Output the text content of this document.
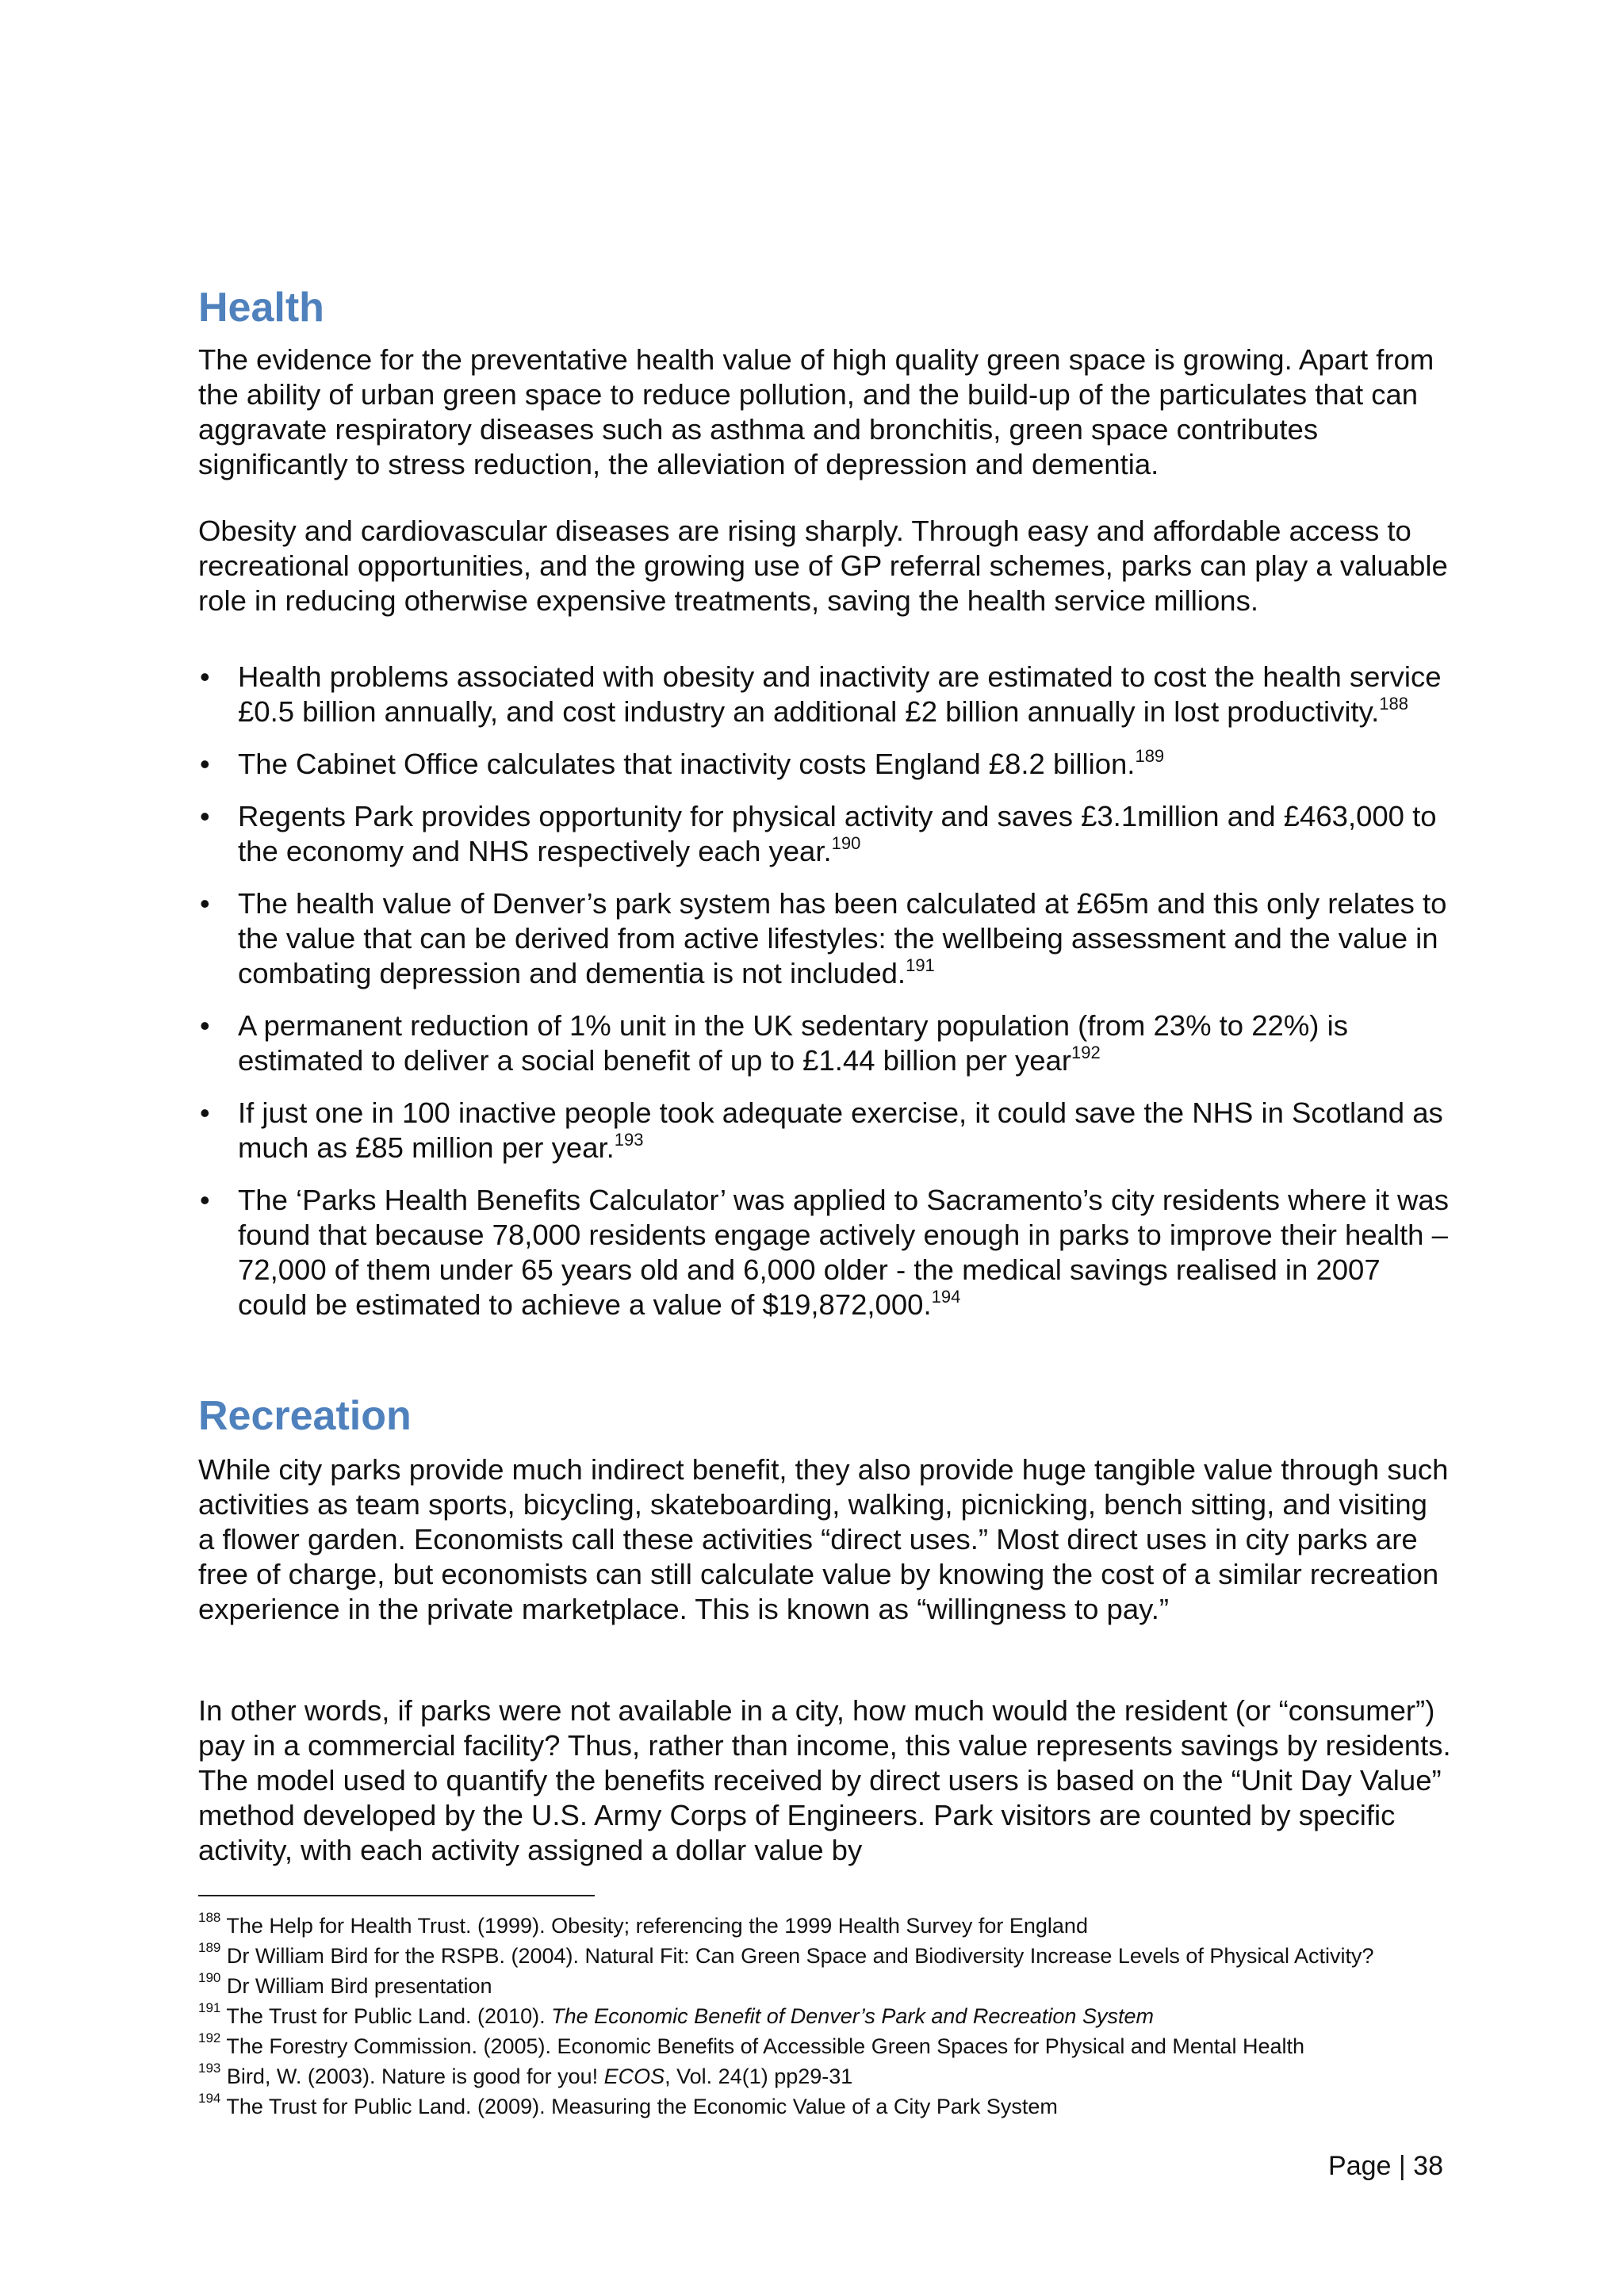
Health

The evidence for the preventative health value of high quality green space is growing. Apart from the ability of urban green space to reduce pollution, and the build-up of the particulates that can aggravate respiratory diseases such as asthma and bronchitis, green space contributes significantly to stress reduction, the alleviation of depression and dementia.

Obesity and cardiovascular diseases are rising sharply. Through easy and affordable access to recreational opportunities, and the growing use of GP referral schemes, parks can play a valuable role in reducing otherwise expensive treatments, saving the health service millions.

• Health problems associated with obesity and inactivity are estimated to cost the health service £0.5 billion annually, and cost industry an additional £2 billion annually in lost productivity.$^{188}$
• The Cabinet Office calculates that inactivity costs England £8.2 billion.$^{189}$
• Regents Park provides opportunity for physical activity and saves £3.1million and £463,000 to the economy and NHS respectively each year.$^{190}$
• The health value of Denver’s park system has been calculated at £65m and this only relates to the value that can be derived from active lifestyles: the wellbeing assessment and the value in combating depression and dementia is not included.$^{191}$
• A permanent reduction of 1% unit in the UK sedentary population (from 23% to 22%) is estimated to deliver a social benefit of up to £1.44 billion per year$^{192}$
• If just one in 100 inactive people took adequate exercise, it could save the NHS in Scotland as much as £85 million per year.$^{193}$
• The ‘Parks Health Benefits Calculator’ was applied to Sacramento’s city residents where it was found that because 78,000 residents engage actively enough in parks to improve their health – 72,000 of them under 65 years old and 6,000 older - the medical savings realised in 2007 could be estimated to achieve a value of $19,872,000.$^{194}$
Recreation

While city parks provide much indirect benefit, they also provide huge tangible value through such activities as team sports, bicycling, skateboarding, walking, picnicking, bench sitting, and visiting a flower garden. Economists call these activities “direct uses.” Most direct uses in city parks are free of charge, but economists can still calculate value by knowing the cost of a similar recreation experience in the private marketplace. This is known as “willingness to pay.”

In other words, if parks were not available in a city, how much would the resident (or “consumer”) pay in a commercial facility? Thus, rather than income, this value represents savings by residents. The model used to quantify the benefits received by direct users is based on the “Unit Day Value” method developed by the U.S. Army Corps of Engineers. Park visitors are counted by specific activity, with each activity assigned a dollar value by

$^{188}$ The Help for Health Trust. (1999). Obesity; referencing the 1999 Health Survey for England

$^{189}$ Dr William Bird for the RSPB. (2004). Natural Fit: Can Green Space and Biodiversity Increase Levels of Physical Activity?

$^{190}$ Dr William Bird presentation

$^{191}$ The Trust for Public Land. (2010). The Economic Benefit of Denver’s Park and Recreation System

$^{192}$ The Forestry Commission. (2005). Economic Benefits of Accessible Green Spaces for Physical and Mental Health

$^{193}$ Bird, W. (2003). Nature is good for you! ECOS, Vol. 24(1) pp29-31

$^{194}$ The Trust for Public Land. (2009). Measuring the Economic Value of a City Park System

Page | 38
